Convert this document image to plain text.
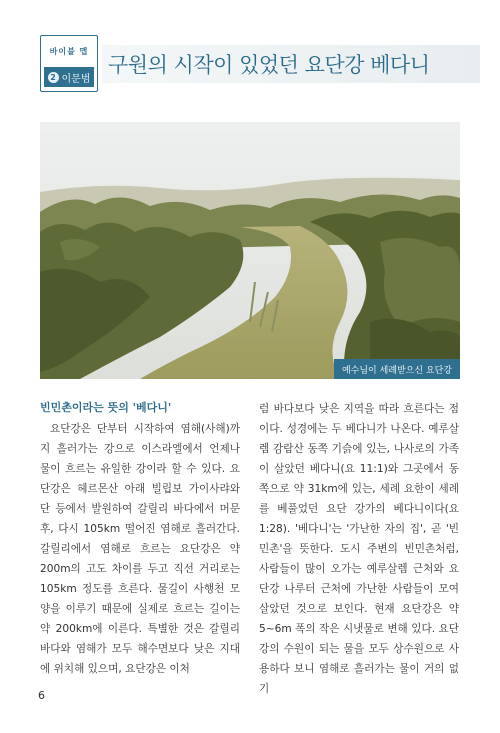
바이블 맵
2 이문범
구원의 시작이 있었던 요단강 베다니
예수님이 세례받으신 요단강

빈민촌이라는 뜻의 '베다니'

요단강은 단부터 시작하여 염해(사해)까지 흘러가는 강으로 이스라엘에서 언제나 물이 흐르는 유일한 강이라 할 수 있다. 요단강은 헤르몬산 아래 빌립보 가이사랴와 단 등에서 발원하여 갈릴리 바다에서 머문 후, 다시 105km 떨어진 염해로 흘러간다. 갈릴리에서 염해로 흐르는 요단강은 약 200m의 고도 차이를 두고 직선 거리로는 105km 정도를 흐른다. 물길이 사행천 모양을 이루기 때문에 실제로 흐르는 길이는 약 200km에 이른다. 특별한 것은 갈릴리 바다와 염해가 모두 해수면보다 낮은 지대에 위치해 있으며, 요단강은 이처

럼 바다보다 낮은 지역을 따라 흐른다는 점이다. 성경에는 두 베다니가 나온다. 예루살렘 감람산 동쪽 기슭에 있는, 나사로의 가족이 살았던 베다니(요 11:1)와 그곳에서 동쪽으로 약 31km에 있는, 세례 요한이 세례를 베풀었던 요단 강가의 베다니이다(요 1:28). '베다니'는 '가난한 자의 집', 곧 '빈민촌'을 뜻한다. 도시 주변의 빈민촌처럼, 사람들이 많이 오가는 예루살렘 근처와 요단강 나루터 근처에 가난한 사람들이 모여 살았던 것으로 보인다. 현재 요단강은 약 5~6m 폭의 작은 시냇물로 변해 있다. 요단강의 수원이 되는 물을 모두 상수원으로 사용하다 보니 염해로 흘러가는 물이 거의 없기

6
